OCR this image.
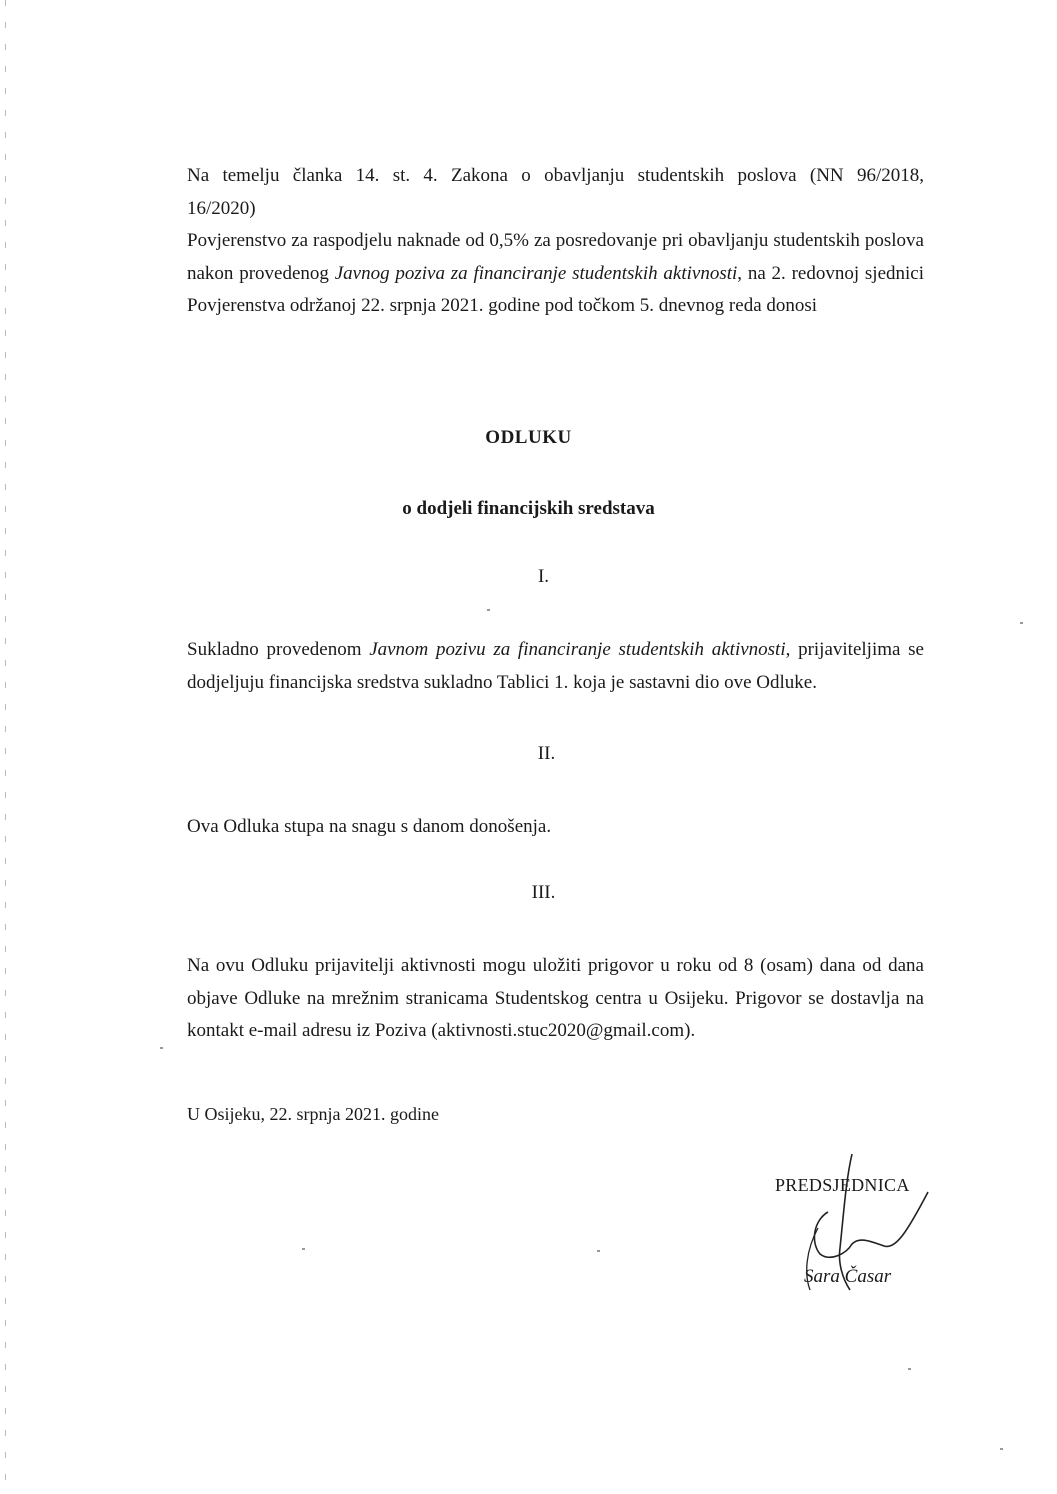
Na temelju članka 14. st. 4. Zakona o obavljanju studentskih poslova (NN 96/2018,
16/2020)

Povjerenstvo za raspodjelu naknade od 0,5% za posredovanje pri obavljanju studentskih poslova nakon provedenog Javnog poziva za financiranje studentskih aktivnosti, na 2. redovnoj sjednici Povjerenstva održanoj 22. srpnja 2021. godine pod točkom 5. dnevnog reda donosi

ODLUKU
o dodjeli financijskih sredstava
I.

Sukladno provedenom Javnom pozivu za financiranje studentskih aktivnosti, prijaviteljima se dodjeljuju financijska sredstva sukladno Tablici 1. koja je sastavni dio ove Odluke.

II.

Ova Odluka stupa na snagu s danom donošenja.

III.

Na ovu Odluku prijavitelji aktivnosti mogu uložiti prigovor u roku od 8 (osam) dana od dana objave Odluke na mrežnim stranicama Studentskog centra u Osijeku. Prigovor se dostavlja na kontakt e-mail adresu iz Poziva (aktivnosti.stuc2020@gmail.com).

U Osijeku, 22. srpnja 2021. godine
PREDSJEDNICA
Sara Časar
